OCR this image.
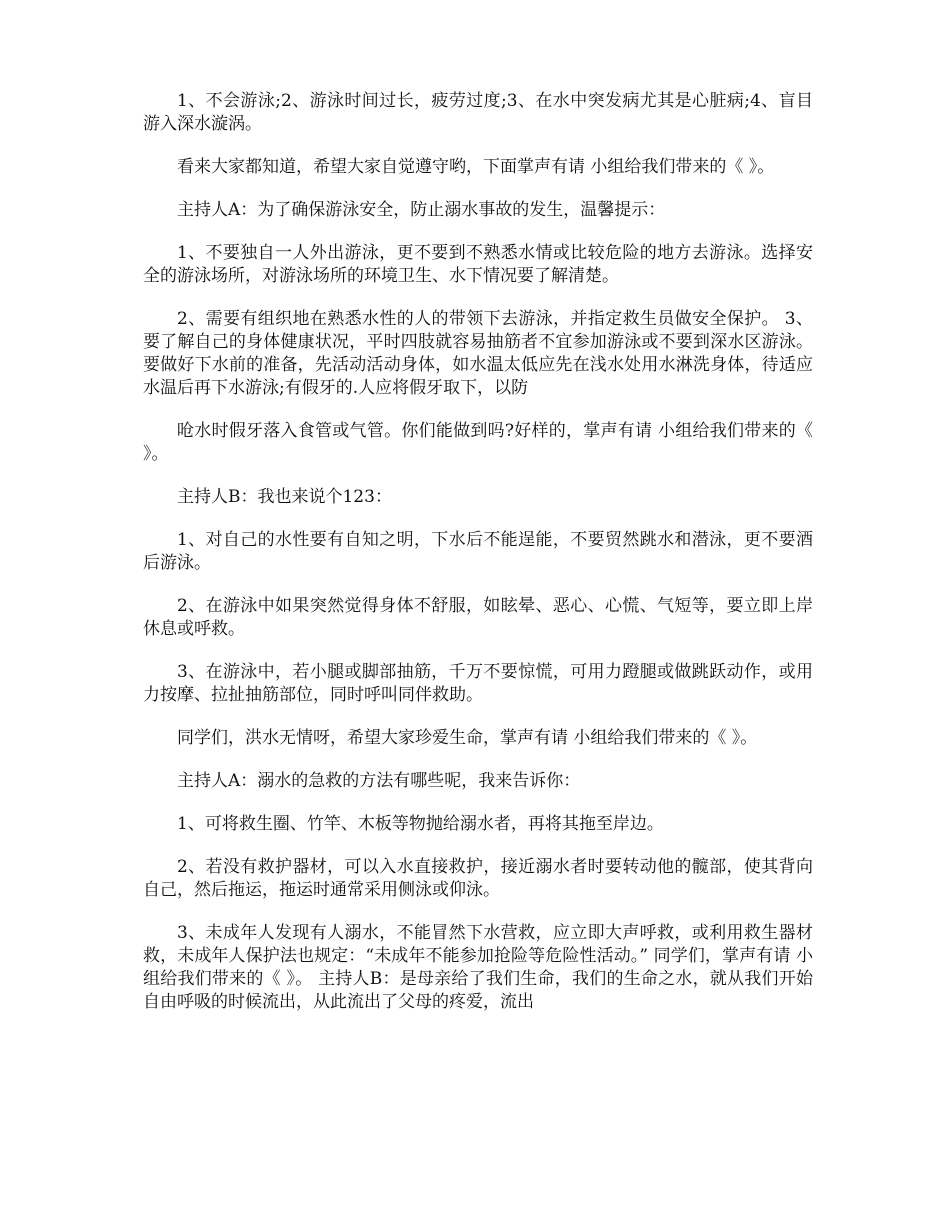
1、不会游泳;2、游泳时间过长，疲劳过度;3、在水中突发病尤其是心脏病;4、盲目游入深水漩涡。

看来大家都知道，希望大家自觉遵守哟，下面掌声有请 小组给我们带来的《 》。

主持人A：为了确保游泳安全，防止溺水事故的发生，温馨提示：

1、不要独自一人外出游泳，更不要到不熟悉水情或比较危险的地方去游泳。选择安全的游泳场所，对游泳场所的环境卫生、水下情况要了解清楚。

2、需要有组织地在熟悉水性的人的带领下去游泳，并指定救生员做安全保护。 3、要了解自己的身体健康状况，平时四肢就容易抽筋者不宜参加游泳或不要到深水区游泳。要做好下水前的准备，先活动活动身体，如水温太低应先在浅水处用水淋洗身体，待适应水温后再下水游泳;有假牙的.人应将假牙取下，以防

呛水时假牙落入食管或气管。你们能做到吗?好样的，掌声有请 小组给我们带来的《 》。

主持人B：我也来说个123：

1、对自己的水性要有自知之明，下水后不能逞能，不要贸然跳水和潜泳，更不要酒后游泳。

2、在游泳中如果突然觉得身体不舒服，如眩晕、恶心、心慌、气短等，要立即上岸休息或呼救。

3、在游泳中，若小腿或脚部抽筋，千万不要惊慌，可用力蹬腿或做跳跃动作，或用力按摩、拉扯抽筋部位，同时呼叫同伴救助。

同学们，洪水无情呀，希望大家珍爱生命，掌声有请 小组给我们带来的《 》。

主持人A：溺水的急救的方法有哪些呢，我来告诉你：

1、可将救生圈、竹竿、木板等物抛给溺水者，再将其拖至岸边。

2、若没有救护器材，可以入水直接救护，接近溺水者时要转动他的髋部，使其背向自己，然后拖运，拖运时通常采用侧泳或仰泳。

3、未成年人发现有人溺水，不能冒然下水营救，应立即大声呼救，或利用救生器材救，未成年人保护法也规定：“未成年不能参加抢险等危险性活动。” 同学们，掌声有请 小组给我们带来的《 》。 主持人B：是母亲给了我们生命，我们的生命之水，就从我们开始自由呼吸的时候流出，从此流出了父母的疼爱，流出
